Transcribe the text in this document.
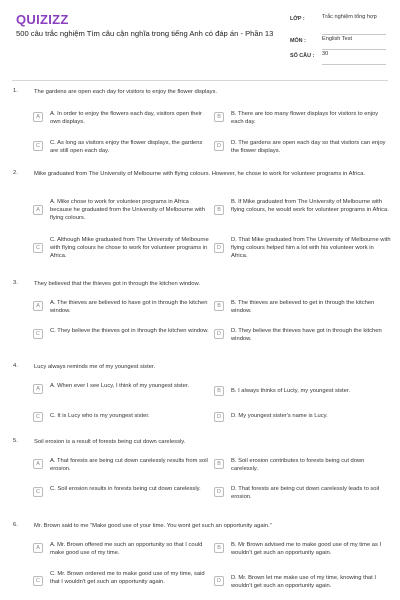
QUIZIZZ
500 câu trắc nghiệm Tìm câu cận nghĩa trong tiếng Anh có đáp án - Phần 13
LỚP :	Trắc nghiệm tổng hợp
MÔN :	English Test
SỐ CÂU : 30
1.	The gardens are open each day for visitors to enjoy the flower displays.
A	A. In order to enjoy the flowers each day, visitors open their own displays.
B	B. There are too many flower displays for visitors to enjoy each day.
C	C. As long as visitors enjoy the flower displays, the gardens are still open each day.
D	D. The gardens are open each day so that visitors can enjoy the flower displays.
2.	Mike graduated from The University of Melbourne with flying colours. However, he chose to work for volunteer programs in Africa.
A
A. Mike chose to work for volunteer programs in Africa because he graduated from the University of Melbourne with flying colours.
B
B. If Mike graduated from The University of Melbourne with flying colours, he would work for volunteer programs in Africa.
C
C. Although Mike graduated from The University of Melbourne with flying colours he chose to work for volunteer programs in Africa.
D
D. That Mike graduated from The University of Melbourne with flying colours helped him a lot with his volunteer work in Africa.
3.	They believed that the thieves got in through the kitchen window.
A	A. The thieves are believed to have got in through the kitchen window.
B	B. The thieves are believed to get in through the kitchen window.
C	C. They believe the thieves got in through the kitchen window.	D	D. They believe the thieves have got in through the kitchen window.
4.	Lucy always reminds me of my youngest sister.
A	A. When ever I see Lucy, I think of my youngest sister.
B	B. I always thinks of Lucty, my youngest sister.
C	C. It is Lucy who is my youngest sister.	D	D. My youngest sister's name is Lucy.
5.	Soil erosion is a result of forests being cut down carelessly.
A	A. That forests are being cut down carelessly results from soil erosion.
B	B. Soil erosion contributes to forests being cut down carelessly.
C	C. Soil erosion results in forests being cut down carelessly.	D	D. That forests are being cut down carelessly leads to soil erosion.
6.	Mr. Brown said to me "Make good use of your time. You wont get such an opportunity again."
A	A. Mr. Brown offered me such an opportunity so that I could make good use of my time.
B	B. Mr Brown advised me to make good use of my time as I wouldn't get such an opportunity again.
C
C. Mr. Brown ordered me to make good use of my time, said that I wouldn't get such an opportunity again.	D	D. Mr. Brown let me make use of my time, knowing that I wouldn't get such an opportunity again.
